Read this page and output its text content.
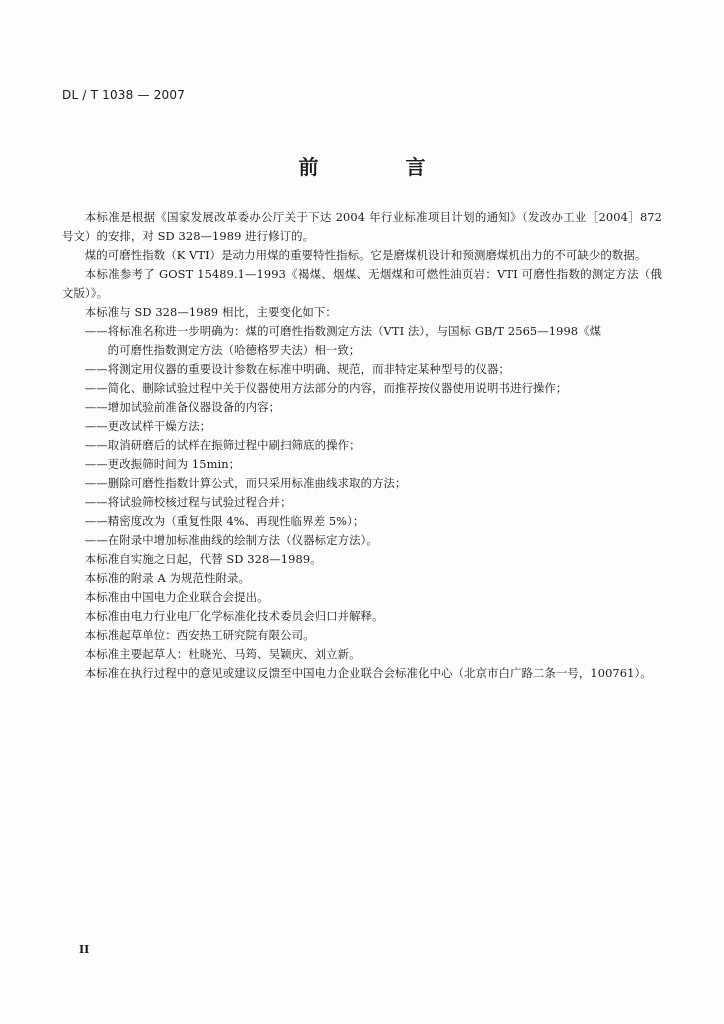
DL / T 1038 — 2007
前 言

本标准是根据《国家发展改革委办公厅关于下达 2004 年行业标准项目计划的通知》（发改办工业［2004］872 号文）的安排，对 SD 328—1989 进行修订的。

煤的可磨性指数（K VTI）是动力用煤的重要特性指标。它是磨煤机设计和预测磨煤机出力的不可缺少的数据。

本标准参考了 GOST 15489.1—1993《褐煤、烟煤、无烟煤和可燃性油页岩：VTI 可磨性指数的测定方法（俄文版）》。

本标准与 SD 328—1989 相比，主要变化如下：

——将标准名称进一步明确为：煤的可磨性指数测定方法（VTI 法），与国标 GB/T 2565—1998《煤

的可磨性指数测定方法（哈德格罗夫法）相一致；

——将测定用仪器的重要设计参数在标准中明确、规范，而非特定某种型号的仪器；

——简化、删除试验过程中关于仪器使用方法部分的内容，而推荐按仪器使用说明书进行操作；

——增加试验前准备仪器设备的内容；

——更改试样干燥方法；

——取消研磨后的试样在振筛过程中刷扫筛底的操作；

——更改振筛时间为 15min；

——删除可磨性指数计算公式，而只采用标准曲线求取的方法；

——将试验筛校核过程与试验过程合并；

——精密度改为（重复性限 4%、再现性临界差 5%）；

——在附录中增加标准曲线的绘制方法（仪器标定方法）。

本标准自实施之日起，代替 SD 328—1989。

本标准的附录 A 为规范性附录。

本标准由中国电力企业联合会提出。

本标准由电力行业电厂化学标准化技术委员会归口并解释。

本标准起草单位：西安热工研究院有限公司。

本标准主要起草人：杜晓光、马筠、吴颖庆、刘立新。

本标准在执行过程中的意见或建议反馈至中国电力企业联合会标准化中心（北京市白广路二条一号，100761）。

II
